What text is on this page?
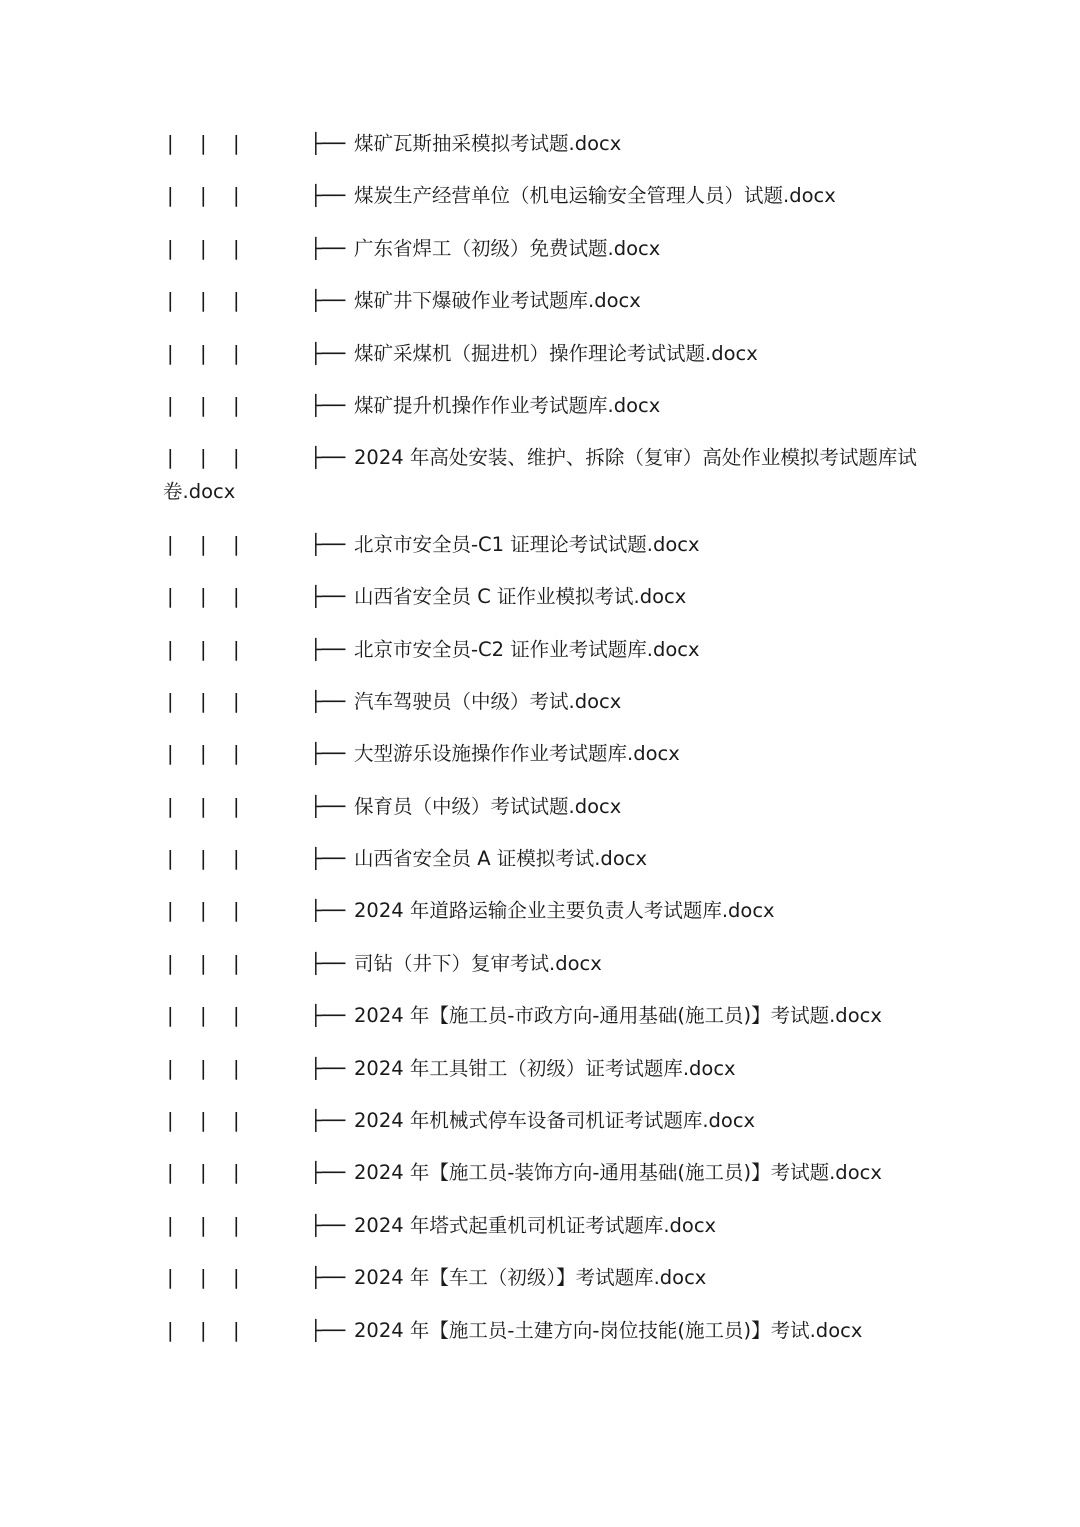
| | |	├── 煤矿瓦斯抽采模拟考试题.docx
| | |	├── 煤炭生产经营单位（机电运输安全管理人员）试题.docx
| | |	├── 广东省焊工（初级）免费试题.docx
| | |	├── 煤矿井下爆破作业考试题库.docx
| | |	├── 煤矿采煤机（掘进机）操作理论考试试题.docx
| | |	├── 煤矿提升机操作作业考试题库.docx
| | |	├── 2024 年高处安装、维护、拆除（复审）高处作业模拟考试题库试卷.docx
| | |	├── 北京市安全员-C1 证理论考试试题.docx
| | |	├── 山西省安全员 C 证作业模拟考试.docx
| | |	├── 北京市安全员-C2 证作业考试题库.docx
| | |	├── 汽车驾驶员（中级）考试.docx
| | |	├── 大型游乐设施操作作业考试题库.docx
| | |	├── 保育员（中级）考试试题.docx
| | |	├── 山西省安全员 A 证模拟考试.docx
| | |	├── 2024 年道路运输企业主要负责人考试题库.docx
| | |	├── 司钻（井下）复审考试.docx
| | |	├── 2024 年【施工员-市政方向-通用基础(施工员)】考试题.docx
| | |	├── 2024 年工具钳工（初级）证考试题库.docx
| | |	├── 2024 年机械式停车设备司机证考试题库.docx
| | |	├── 2024 年【施工员-装饰方向-通用基础(施工员)】考试题.docx
| | |	├── 2024 年塔式起重机司机证考试题库.docx
| | |	├── 2024 年【车工（初级）】考试题库.docx
| | |	├── 2024 年【施工员-土建方向-岗位技能(施工员)】考试.docx
